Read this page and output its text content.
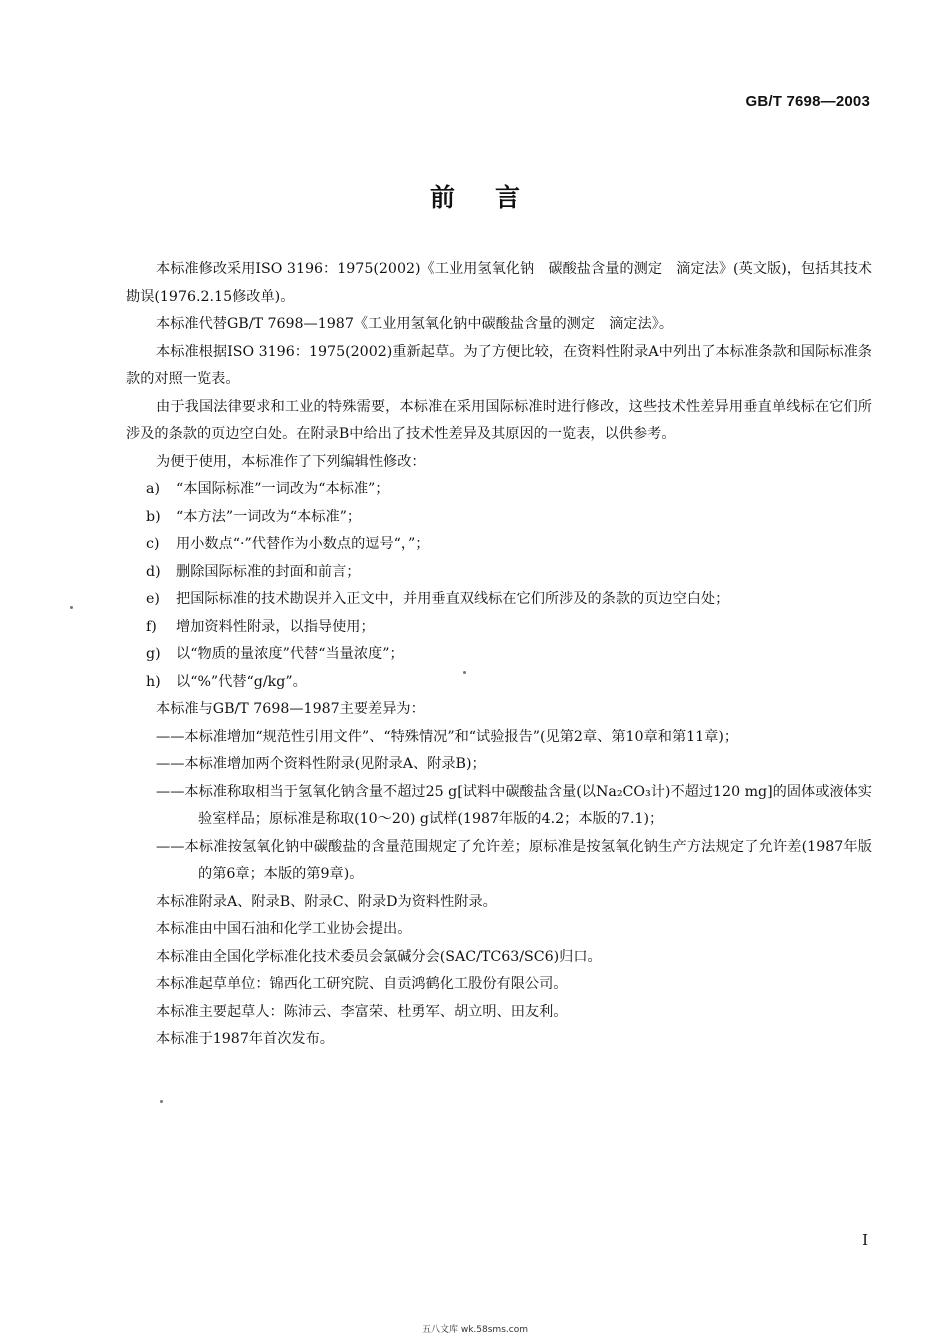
GB/T 7698—2003
前言

本标准修改采用ISO 3196：1975(2002)《工业用氢氧化钠　碳酸盐含量的测定　滴定法》(英文版)，包括其技术勘误(1976.2.15修改单)。

本标准代替GB/T 7698—1987《工业用氢氧化钠中碳酸盐含量的测定　滴定法》。

本标准根据ISO 3196：1975(2002)重新起草。为了方便比较，在资料性附录A中列出了本标准条款和国际标准条款的对照一览表。

由于我国法律要求和工业的特殊需要，本标准在采用国际标准时进行修改，这些技术性差异用垂直单线标在它们所涉及的条款的页边空白处。在附录B中给出了技术性差异及其原因的一览表，以供参考。

为便于使用，本标准作了下列编辑性修改：

a)	“本国际标准”一词改为“本标准”；
b)	“本方法”一词改为“本标准”；
c)	用小数点“·”代替作为小数点的逗号“，”；
d)	删除国际标准的封面和前言；
e)	把国际标准的技术勘误并入正文中，并用垂直双线标在它们所涉及的条款的页边空白处；
f)	增加资料性附录，以指导使用；
g)	以“物质的量浓度”代替“当量浓度”；
h)	以“%”代替“g/kg”。

本标准与GB/T 7698—1987主要差异为：

——本标准增加“规范性引用文件”、“特殊情况”和“试验报告”(见第2章、第10章和第11章)；

——本标准增加两个资料性附录(见附录A、附录B)；

——本标准称取相当于氢氧化钠含量不超过25 g[试料中碳酸盐含量(以Na₂CO₃计)不超过120 mg]的固体或液体实验室样品；原标准是称取(10～20) g试样(1987年版的4.2；本版的7.1)；

——本标准按氢氧化钠中碳酸盐的含量范围规定了允许差；原标准是按氢氧化钠生产方法规定了允许差(1987年版的第6章；本版的第9章)。

本标准附录A、附录B、附录C、附录D为资料性附录。

本标准由中国石油和化学工业协会提出。

本标准由全国化学标准化技术委员会氯碱分会(SAC/TC63/SC6)归口。

本标准起草单位：锦西化工研究院、自贡鸿鹤化工股份有限公司。

本标准主要起草人：陈沛云、李富荣、杜勇军、胡立明、田友利。

本标准于1987年首次发布。

I
五八文库 wk.58sms.com
